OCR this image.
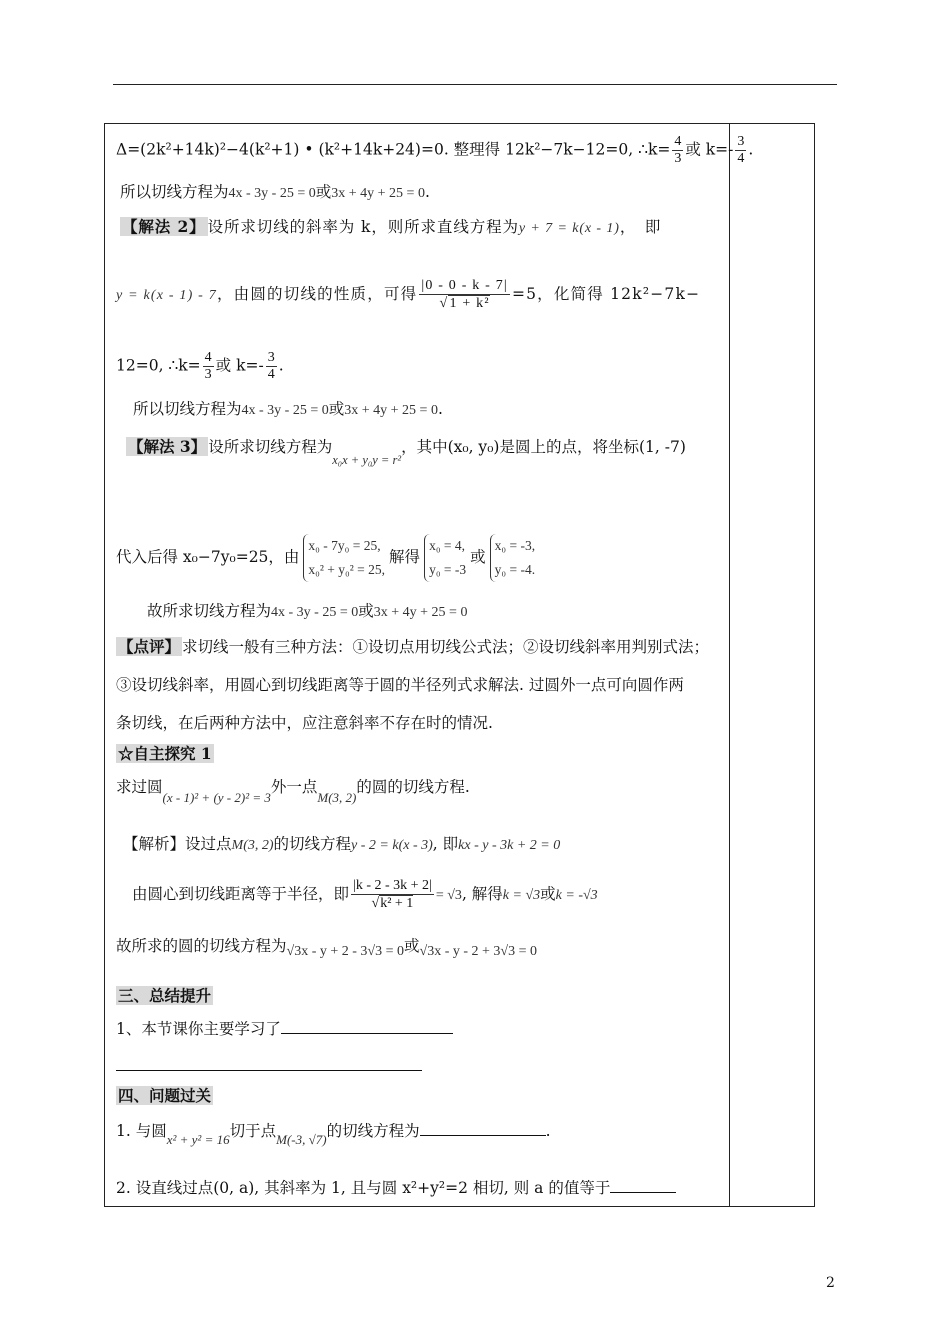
Δ=(2k²+14k)²−4(k²+1) • (k²+14k+24)=0. 整理得 12k²−7k−12=0, ∴k= $\frac{4}{3}$ 或 $k=- \frac{3}{4}$ .
所以切线方程为4x - 3y - 25 = 0或3x + 4y + 25 = 0.
【解法 2】 设所求切线的斜率为 k，则所求直线方程为y + 7 = k(x - 1)，　即
y = k(x - 1) - 7，由圆的切线的性质，可得 $\frac{|0 - 0 - k - 7|}{\text{√1 + k²}} =5$，化简得 12k²−7k−
12=0, ∴k= $\frac{4}{3}$ 或 $k=- \frac{3}{4}$ .
所以切线方程为4x - 3y - 25 = 0或3x + 4y + 25 = 0.
【解法 3】 设所求切线方程为$_{x_0x + y_0y = r^2}$，其中(x₀, y₀)是圆上的点，将坐标(1, -7)
代入后得 x₀−7y₀=25，由
x₀ - 7y₀ = 25,
x₀² + y₀² = 25,
解得
x₀ = 4,
y₀ = -3
或
x₀ = -3,
y₀ = -4.
故所求切线方程为4x - 3y - 25 = 0或3x + 4y + 25 = 0
【点评】 求切线一般有三种方法：①设切点用切线公式法；②设切线斜率用判别式法；
③设切线斜率，用圆心到切线距离等于圆的半径列式求解法. 过圆外一点可向圆作两
条切线，在后两种方法中，应注意斜率不存在时的情况.
☆自主探究 1
求过圆$_{(x - 1)^2 + (y - 2)^2 = 3}$外一点$_{M(3, 2)}$的圆的切线方程.
【解析】设过点M(3, 2)的切线方程y - 2 = k(x - 3), 即kx - y - 3k + 2 = 0
由圆心到切线距离等于半径，即 $\frac{|k - 2 - 3k + 2|}{\text{√k² + 1}} = √3$, 解得k = √3或k = -√3
故所求的圆的切线方程为√3x - y + 2 - 3√3 = 0或√3x - y - 2 + 3√3 = 0
三、总结提升
1、本节课你主要学习了
四、问题过关
1. 与圆$_{x^2 + y^2 = 16}$切于点$_{M(-3, √7)}$的切线方程为	.
2. 设直线过点(0, a), 其斜率为 1, 且与圆 x²+y²=2 相切, 则 a 的值等于
2
